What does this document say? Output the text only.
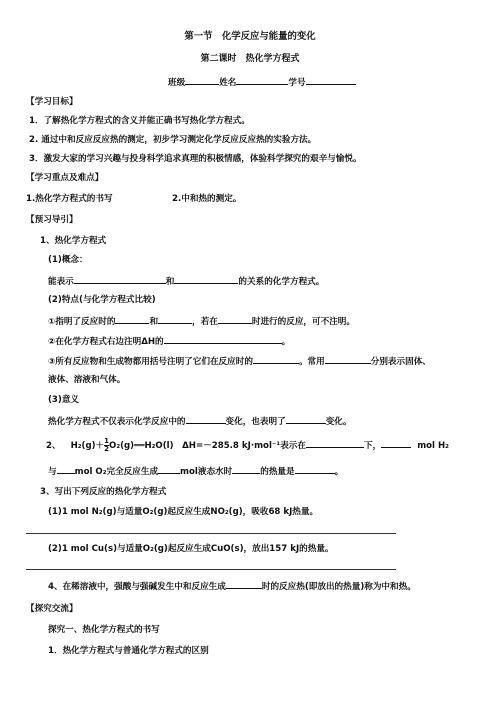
第一节　化学反应与能量的变化
第二课时　热化学方程式
班级	姓名	学号
【学习目标】
1．了解热化学方程式的含义并能正确书写热化学方程式。
2. 通过中和反应反应热的测定，初步学习测定化学反应反应热的实验方法。
3．激发大家的学习兴趣与投身科学追求真理的积极情感，体验科学探究的艰辛与愉悦。
【学习重点及难点】
1.热化学方程式的书写	2.中和热的测定。
【预习导引】
1、热化学方程式
(1)概念：
能表示	和	的关系的化学方程式。
(2)特点(与化学方程式比较)
①指明了反应时的	和	，若在	时进行的反应，可不注明。
②在化学方程式右边注明ΔH的	。
③所有反应物和生成物都用括号注明了它们在反应时的	。常用	分别表示固体、
液体、溶液和气体。
(3)意义
热化学方程式不仅表示化学反应中的	变化，也表明了	变化。
2、 $H_2(g)+ \frac{1}{2}$ O₂(g)══H₂O(l)　ΔH=－285.8 kJ·mol⁻¹表示在	下，	mol H₂
与 mol O₂完全反应生成	mol液态水时	的热量是	。
3、写出下列反应的热化学方程式
(1)1 mol N₂(g)与适量O₂(g)起反应生成NO₂(g)，吸收68 kJ热量。
(2)1 mol Cu(s)与适量O₂(g)起反应生成CuO(s)，放出157 kJ的热量。
4、在稀溶液中，强酸与强碱发生中和反应生成	时的反应热(即放出的热量)称为中和热。
【探究交流】
探究一、热化学方程式的书写
1．热化学方程式与普通化学方程式的区别
